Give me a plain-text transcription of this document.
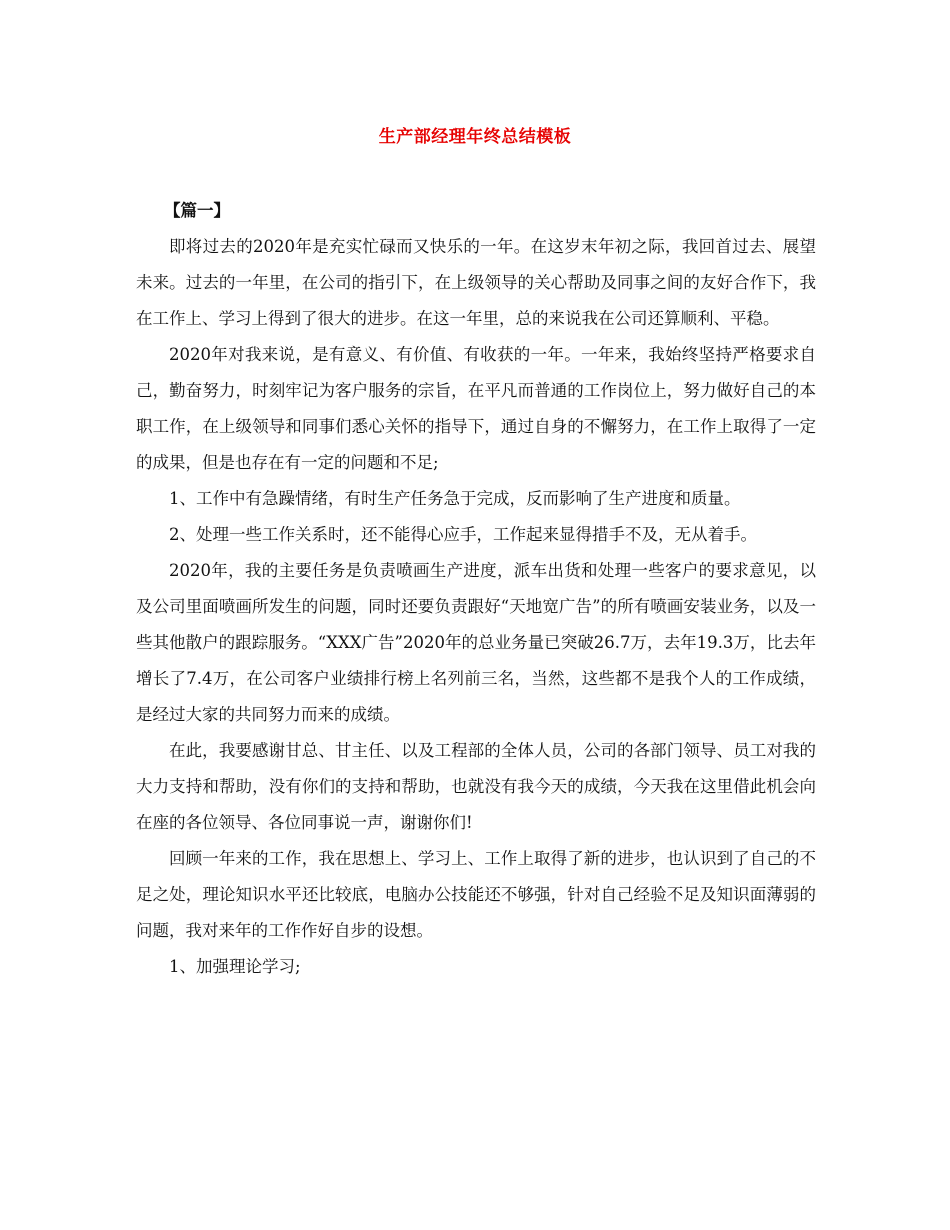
生产部经理年终总结模板

【篇一】

即将过去的2020年是充实忙碌而又快乐的一年。在这岁末年初之际，我回首过去、展望未来。过去的一年里，在公司的指引下，在上级领导的关心帮助及同事之间的友好合作下，我在工作上、学习上得到了很大的进步。在这一年里，总的来说我在公司还算顺利、平稳。

2020年对我来说，是有意义、有价值、有收获的一年。一年来，我始终坚持严格要求自己，勤奋努力，时刻牢记为客户服务的宗旨，在平凡而普通的工作岗位上，努力做好自己的本职工作，在上级领导和同事们悉心关怀的指导下，通过自身的不懈努力，在工作上取得了一定的成果，但是也存在有一定的问题和不足;

1、工作中有急躁情绪，有时生产任务急于完成，反而影响了生产进度和质量。

2、处理一些工作关系时，还不能得心应手，工作起来显得措手不及，无从着手。

2020年，我的主要任务是负责喷画生产进度，派车出货和处理一些客户的要求意见，以及公司里面喷画所发生的问题，同时还要负责跟好“天地宽广告”的所有喷画安装业务，以及一些其他散户的跟踪服务。“XXX广告”2020年的总业务量已突破26.7万，去年19.3万，比去年增长了7.4万，在公司客户业绩排行榜上名列前三名，当然，这些都不是我个人的工作成绩，是经过大家的共同努力而来的成绩。

在此，我要感谢甘总、甘主任、以及工程部的全体人员，公司的各部门领导、员工对我的大力支持和帮助，没有你们的支持和帮助，也就没有我今天的成绩，今天我在这里借此机会向在座的各位领导、各位同事说一声，谢谢你们!

回顾一年来的工作，我在思想上、学习上、工作上取得了新的进步，也认识到了自己的不足之处，理论知识水平还比较底，电脑办公技能还不够强，针对自己经验不足及知识面薄弱的问题，我对来年的工作作好自步的设想。

1、加强理论学习;
